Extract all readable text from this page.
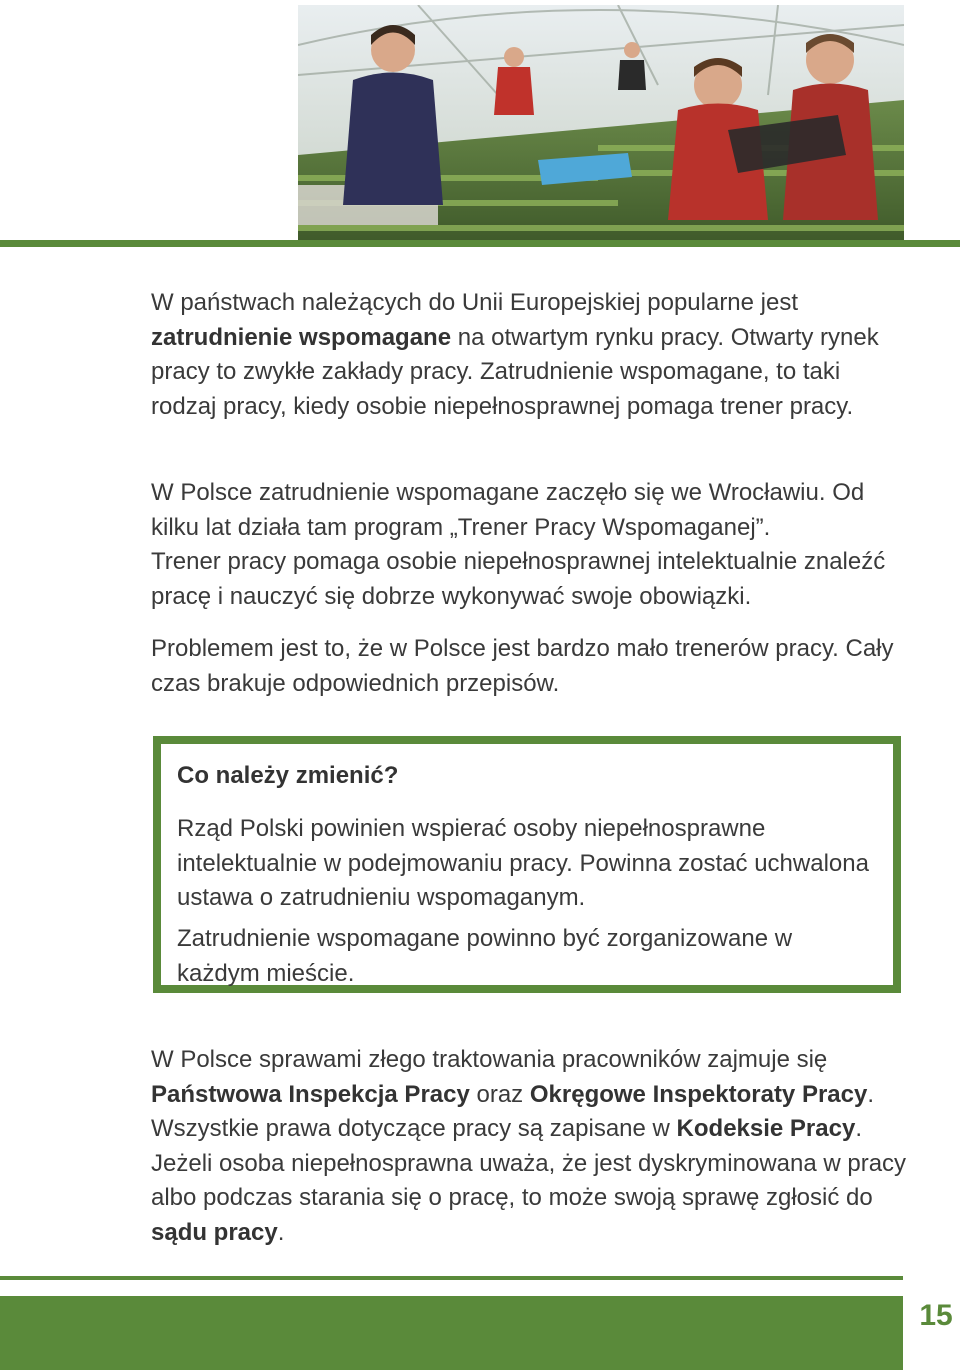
W państwach należących do Unii Europejskiej popularne jest zatrudnienie wspomagane na otwartym rynku pracy. Otwarty rynek pracy to zwykłe zakłady pracy. Zatrudnienie wspomagane, to taki rodzaj pracy, kiedy osobie niepełnosprawnej pomaga trener pracy.

W Polsce zatrudnienie wspomagane zaczęło się we Wrocławiu. Od kilku lat działa tam program „Trener Pracy Wspomaganej”.

Trener pracy pomaga osobie niepełnosprawnej intelektualnie znaleźć pracę i nauczyć się dobrze wykonywać swoje obowiązki.

Problemem jest to, że w Polsce jest bardzo mało trenerów pracy. Cały czas brakuje odpowiednich przepisów.

Co należy zmienić?

Rząd Polski powinien wspierać osoby niepełnosprawne intelektualnie w podejmowaniu pracy. Powinna zostać uchwalona ustawa o zatrudnieniu wspomaganym.

Zatrudnienie wspomagane powinno być zorganizowane w każdym mieście.

W Polsce sprawami złego traktowania pracowników zajmuje się Państwowa Inspekcja Pracy oraz Okręgowe Inspektoraty Pracy. Wszystkie prawa dotyczące pracy są zapisane w Kodeksie Pracy. Jeżeli osoba niepełnosprawna uważa, że jest dyskryminowana w pracy albo podczas starania się o pracę, to może swoją sprawę zgłosić do sądu pracy.

15
